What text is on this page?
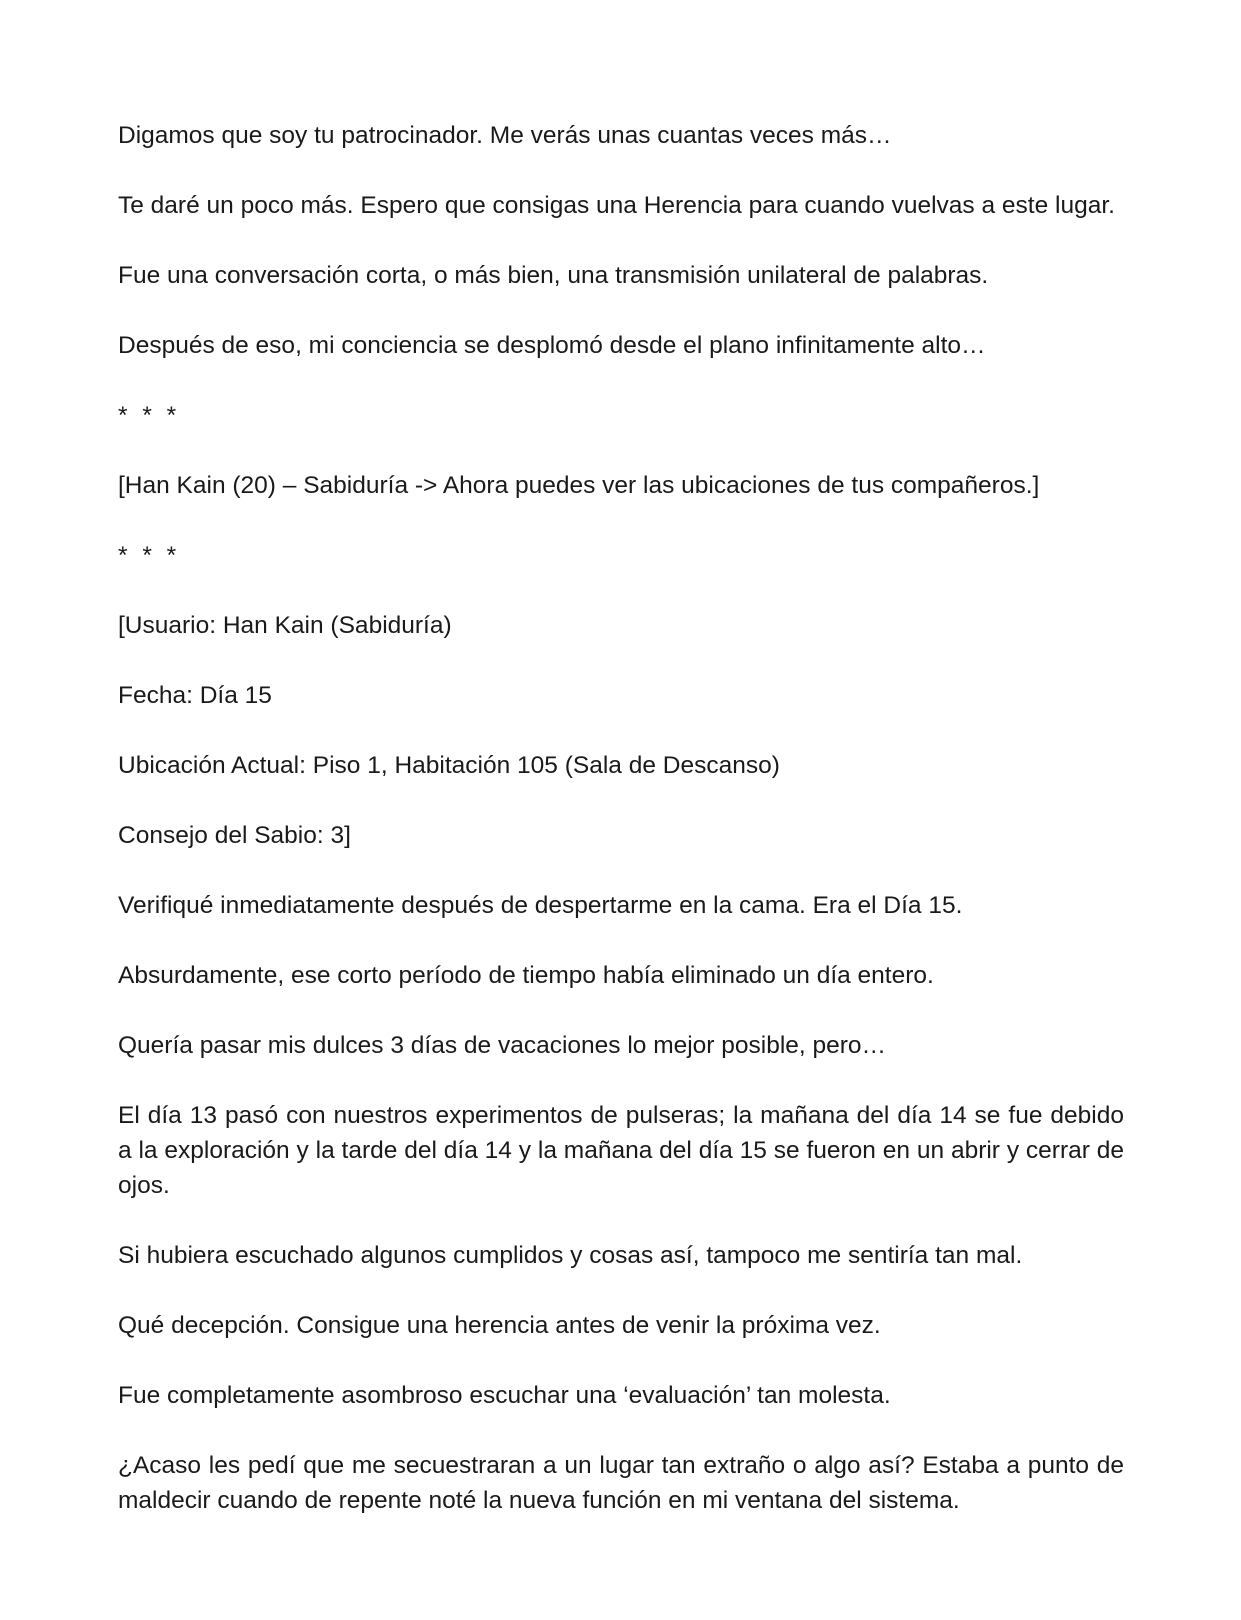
Digamos que soy tu patrocinador. Me verás unas cuantas veces más…

Te daré un poco más. Espero que consigas una Herencia para cuando vuelvas a este lugar.

Fue una conversación corta, o más bien, una transmisión unilateral de palabras.

Después de eso, mi conciencia se desplomó desde el plano infinitamente alto…

* * *

[Han Kain (20) – Sabiduría -> Ahora puedes ver las ubicaciones de tus compañeros.]

* * *

[Usuario: Han Kain (Sabiduría)

Fecha: Día 15

Ubicación Actual: Piso 1, Habitación 105 (Sala de Descanso)

Consejo del Sabio: 3]

Verifiqué inmediatamente después de despertarme en la cama. Era el Día 15.

Absurdamente, ese corto período de tiempo había eliminado un día entero.

Quería pasar mis dulces 3 días de vacaciones lo mejor posible, pero…

El día 13 pasó con nuestros experimentos de pulseras; la mañana del día 14 se fue debido a la exploración y la tarde del día 14 y la mañana del día 15 se fueron en un abrir y cerrar de ojos.

Si hubiera escuchado algunos cumplidos y cosas así, tampoco me sentiría tan mal.

Qué decepción. Consigue una herencia antes de venir la próxima vez.

Fue completamente asombroso escuchar una ‘evaluación’ tan molesta.

¿Acaso les pedí que me secuestraran a un lugar tan extraño o algo así? Estaba a punto de maldecir cuando de repente noté la nueva función en mi ventana del sistema.
